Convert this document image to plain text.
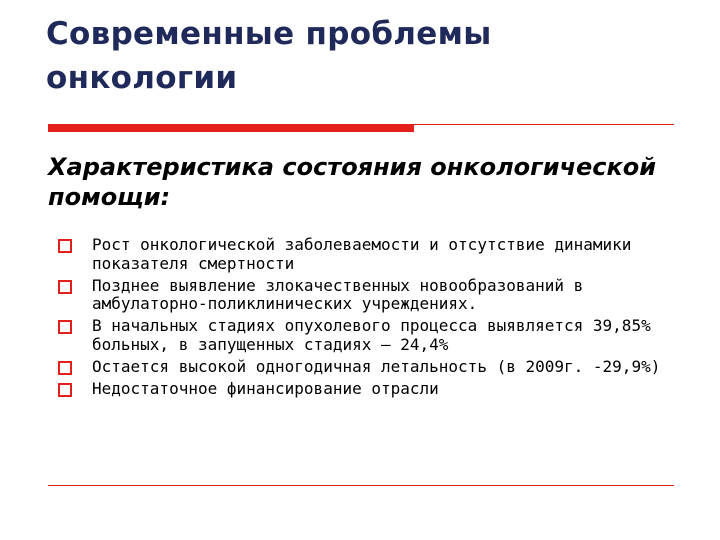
Современные проблемы онкологии
Характеристика состояния онкологической помощи:
Рост онкологической заболеваемости и отсутствие динамики показателя смертности
Позднее выявление злокачественных новообразований в амбулаторно-поликлинических учреждениях.
В начальных стадиях опухолевого процесса выявляется 39,85% больных, в запущенных стадиях – 24,4%
Остается высокой одногодичная летальность (в 2009г. -29,9%)
Недостаточное финансирование отрасли
